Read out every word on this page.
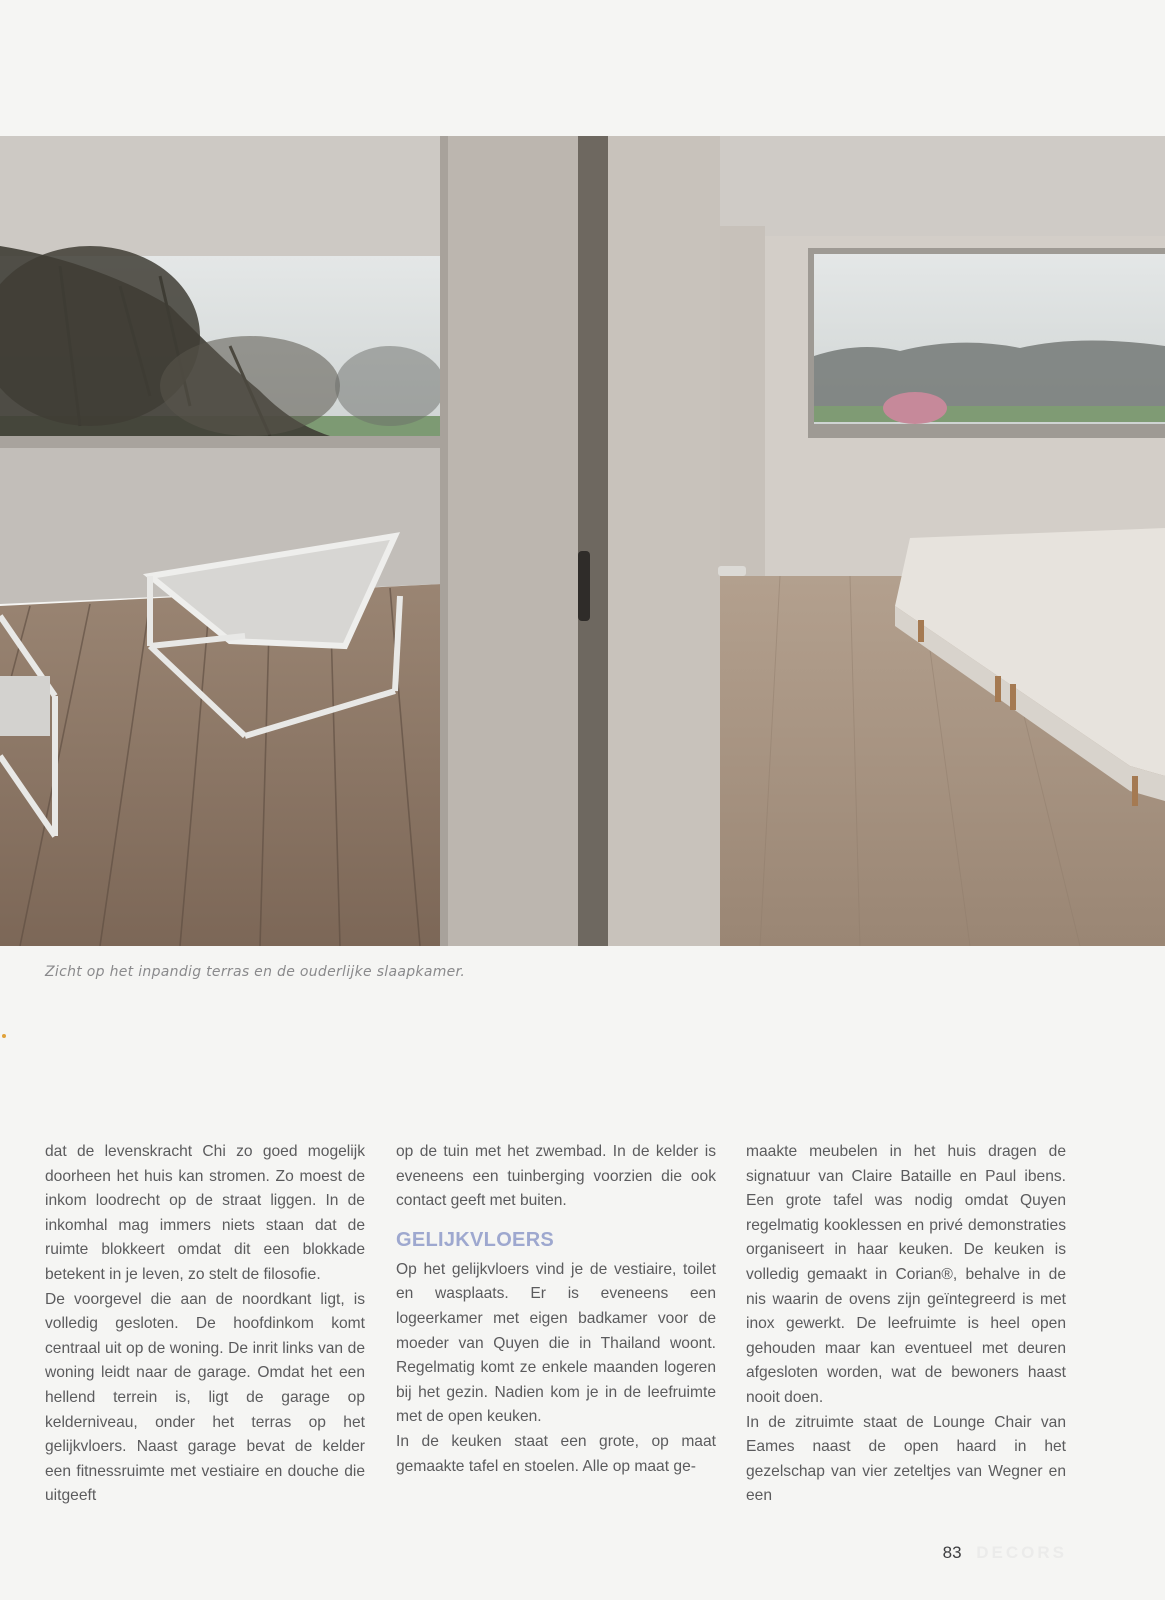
Zicht op het inpandig terras en de ouderlijke slaapkamer.

dat de levenskracht Chi zo goed mogelijk doorheen het huis kan stromen. Zo moest de inkom loodrecht op de straat liggen. In de inkomhal mag immers niets staan dat de ruimte blokkeert omdat dit een blokkade betekent in je leven, zo stelt de filosofie.

De voorgevel die aan de noordkant ligt, is volledig gesloten. De hoofdinkom komt centraal uit op de woning. De inrit links van de woning leidt naar de garage. Omdat het een hellend terrein is, ligt de garage op kelderniveau, onder het terras op het gelijkvloers. Naast garage bevat de kelder een fitnessruimte met vestiaire en douche die uitgeeft

op de tuin met het zwembad. In de kelder is eveneens een tuinberging voorzien die ook contact geeft met buiten.

GELIJKVLOERS

Op het gelijkvloers vind je de vestiaire, toilet en wasplaats. Er is eveneens een logeerkamer met eigen badkamer voor de moeder van Quyen die in Thailand woont. Regelmatig komt ze enkele maanden logeren bij het gezin. Nadien kom je in de leefruimte met de open keuken.

In de keuken staat een grote, op maat gemaakte tafel en stoelen. Alle op maat ge-

maakte meubelen in het huis dragen de signatuur van Claire Bataille en Paul ibens. Een grote tafel was nodig omdat Quyen regelmatig kooklessen en privé demonstraties organiseert in haar keuken. De keuken is volledig gemaakt in Corian®, behalve in de nis waarin de ovens zijn geïntegreerd is met inox gewerkt. De leefruimte is heel open gehouden maar kan eventueel met deuren afgesloten worden, wat de bewoners haast nooit doen.

In de zitruimte staat de Lounge Chair van Eames naast de open haard in het gezelschap van vier zeteltjes van Wegner en een

83 DECORS
